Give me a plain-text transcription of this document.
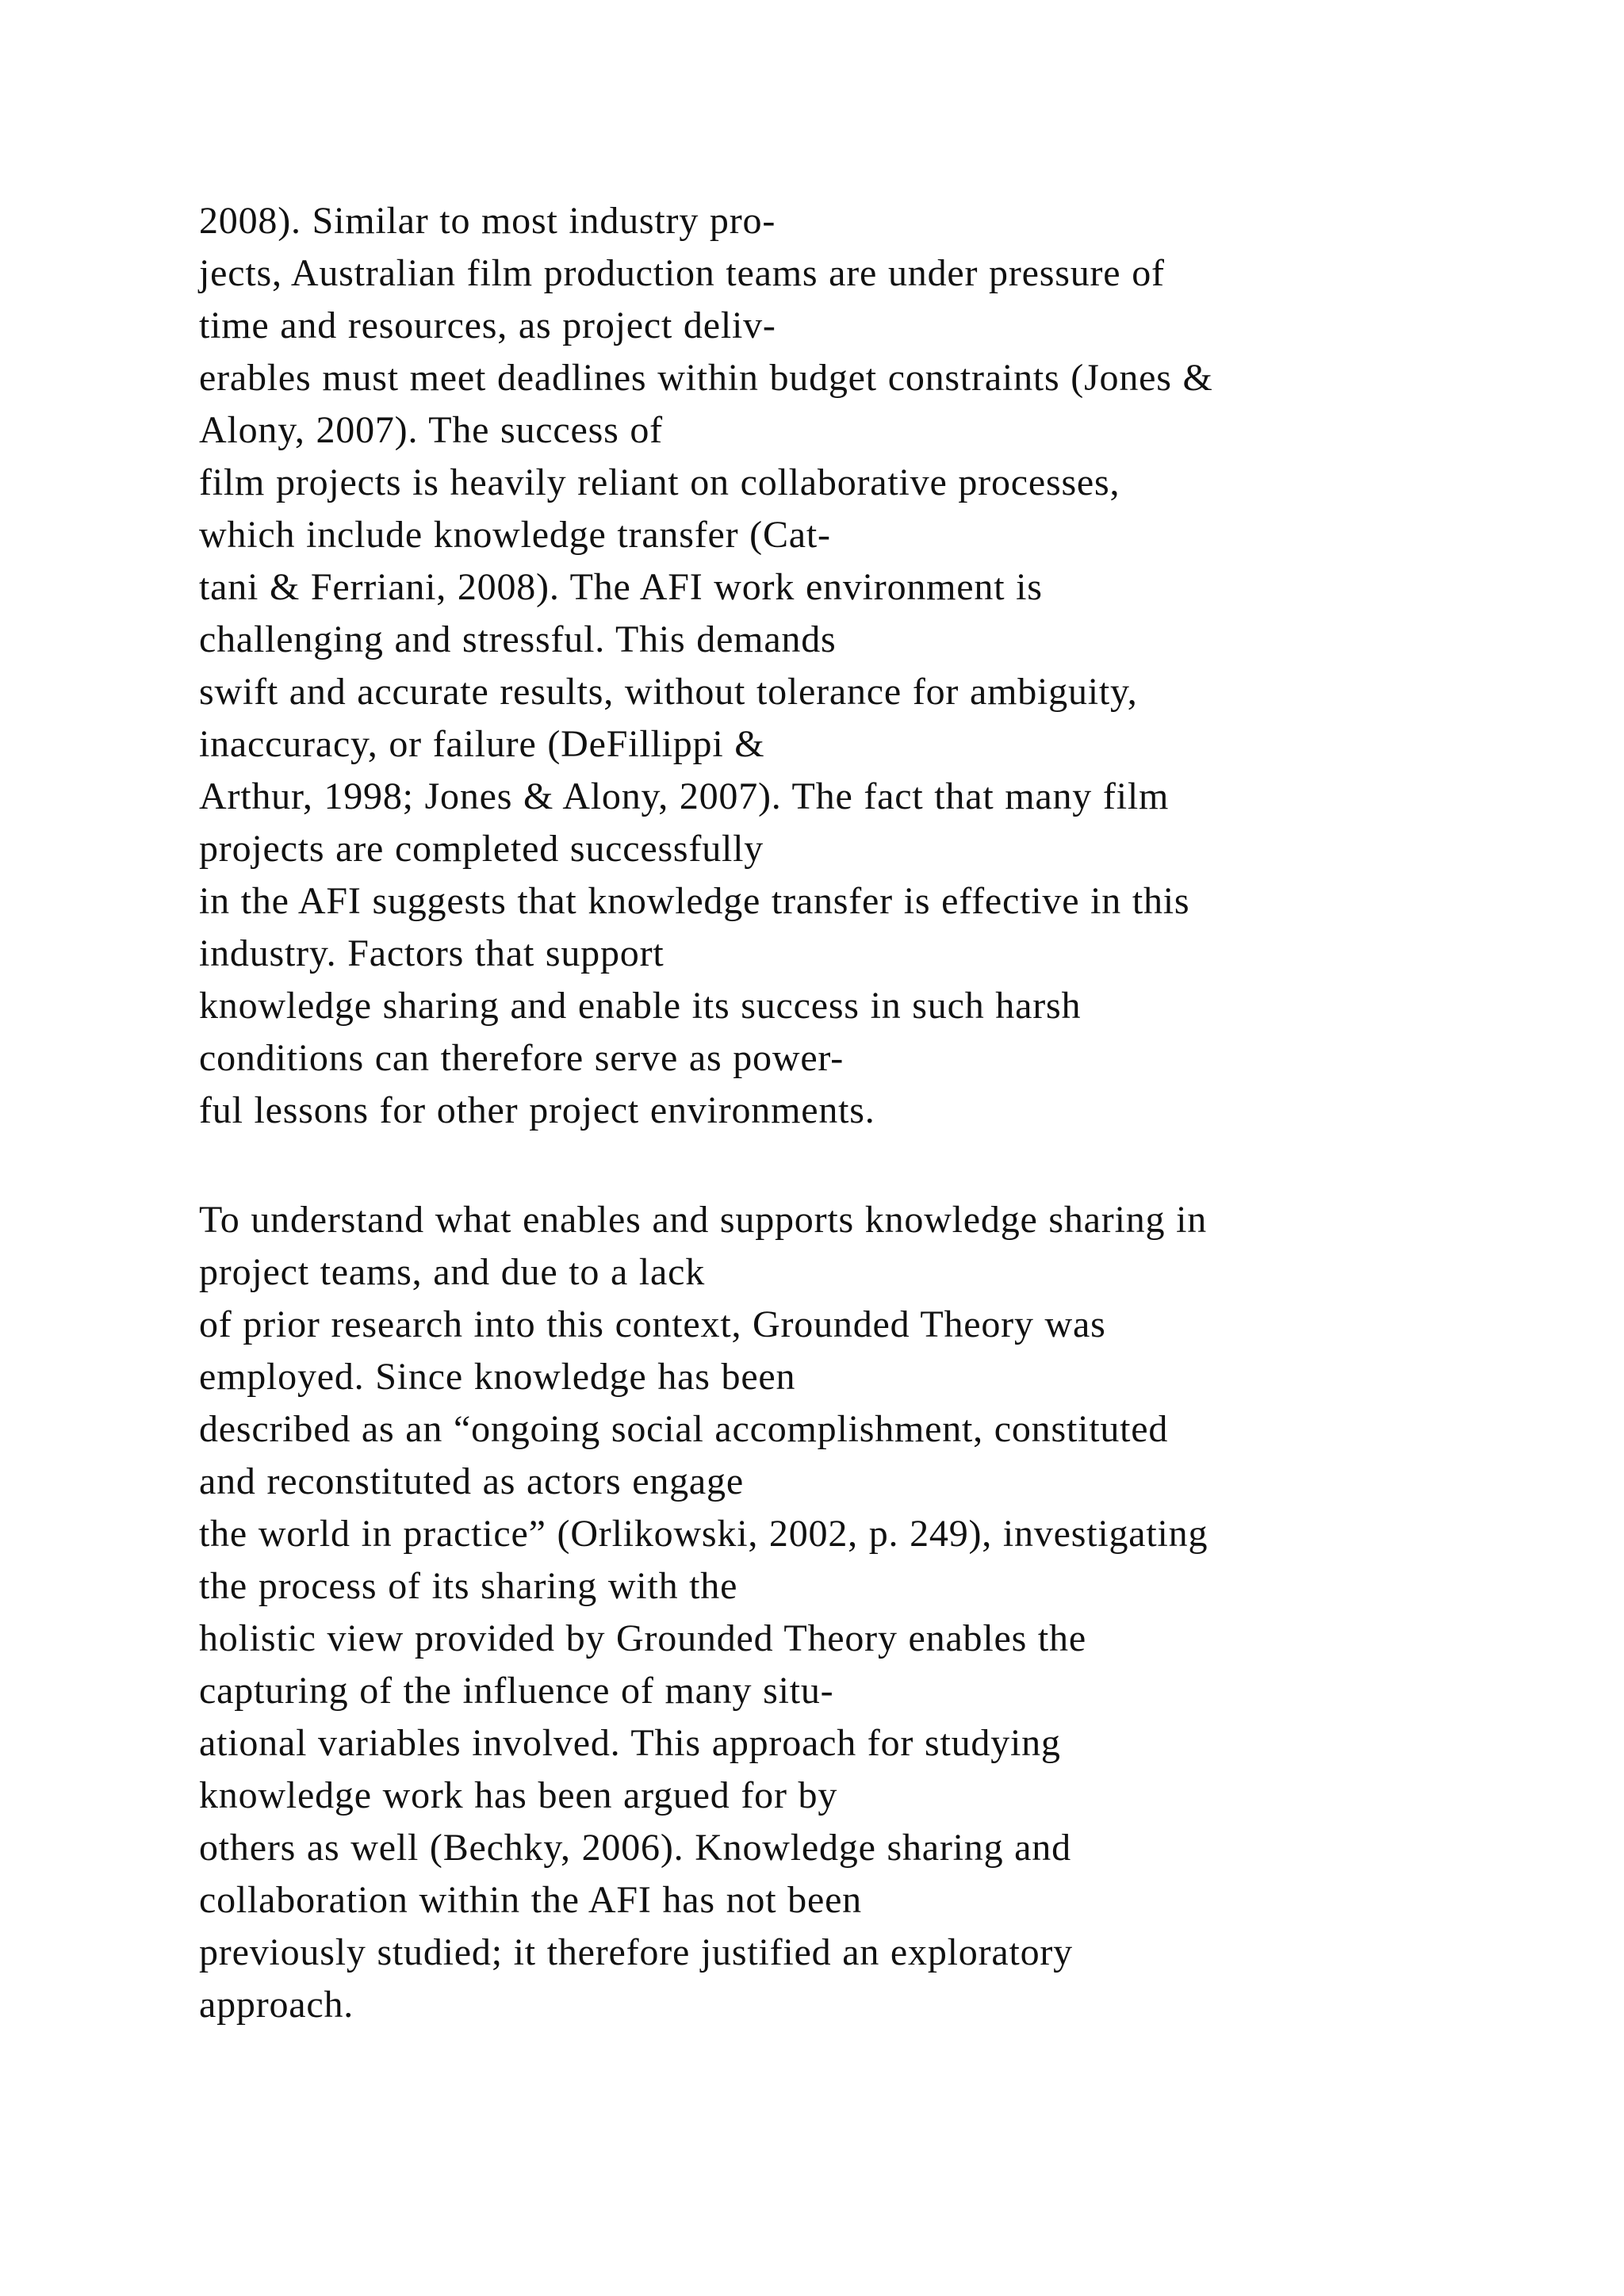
2008). Similar to most industry pro-
jects, Australian film production teams are under pressure of
time and resources, as project deliv-
erables must meet deadlines within budget constraints (Jones &
Alony, 2007). The success of
film projects is heavily reliant on collaborative processes,
which include knowledge transfer (Cat-
tani & Ferriani, 2008). The AFI work environment is
challenging and stressful. This demands
swift and accurate results, without tolerance for ambiguity,
inaccuracy, or failure (DeFillippi &
Arthur, 1998; Jones & Alony, 2007). The fact that many film
projects are completed successfully
in the AFI suggests that knowledge transfer is effective in this
industry. Factors that support
knowledge sharing and enable its success in such harsh
conditions can therefore serve as power-
ful lessons for other project environments.
To understand what enables and supports knowledge sharing in
project teams, and due to a lack
of prior research into this context, Grounded Theory was
employed. Since knowledge has been
described as an “ongoing social accomplishment, constituted
and reconstituted as actors engage
the world in practice” (Orlikowski, 2002, p. 249), investigating
the process of its sharing with the
holistic view provided by Grounded Theory enables the
capturing of the influence of many situ-
ational variables involved. This approach for studying
knowledge work has been argued for by
others as well (Bechky, 2006). Knowledge sharing and
collaboration within the AFI has not been
previously studied; it therefore justified an exploratory
approach.
